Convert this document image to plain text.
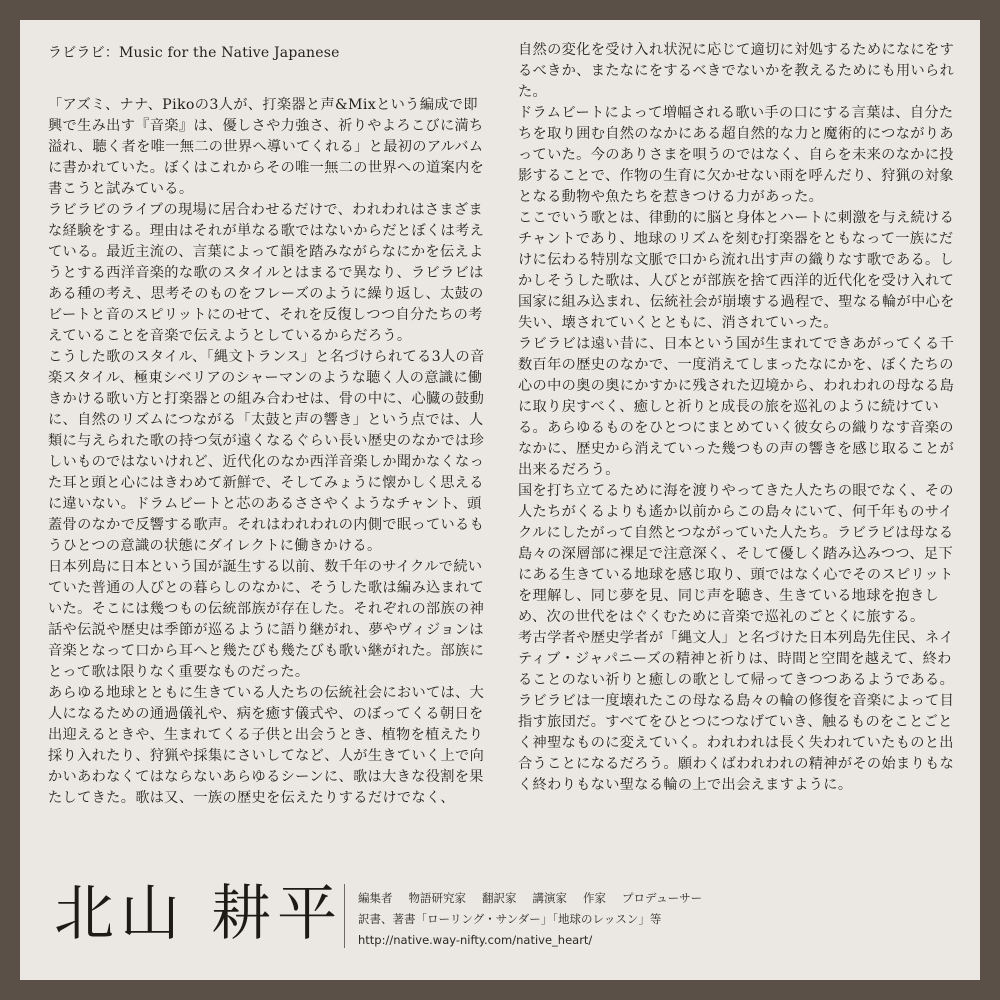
ラビラビ：Music for the Native Japanese

「アズミ、ナナ、Pikoの3人が、打楽器と声&Mixという編成で即興で生み出す『音楽』は、優しさや力強さ、祈りやよろこびに満ち溢れ、聴く者を唯一無二の世界へ導いてくれる」と最初のアルバムに書かれていた。ぼくはこれからその唯一無二の世界への道案内を書こうと試みている。

ラビラビのライブの現場に居合わせるだけで、われわれはさまざまな経験をする。理由はそれが単なる歌ではないからだとぼくは考えている。最近主流の、言葉によって韻を踏みながらなにかを伝えようとする西洋音楽的な歌のスタイルとはまるで異なり、ラビラビはある種の考え、思考そのものをフレーズのように繰り返し、太鼓のビートと音のスピリットにのせて、それを反復しつつ自分たちの考えていることを音楽で伝えようとしているからだろう。

こうした歌のスタイル、「縄文トランス」と名づけられてる3人の音楽スタイル、極東シベリアのシャーマンのような聴く人の意識に働きかける歌い方と打楽器との組み合わせは、骨の中に、心臓の鼓動に、自然のリズムにつながる「太鼓と声の響き」という点では、人類に与えられた歌の持つ気が遠くなるぐらい長い歴史のなかでは珍しいものではないけれど、近代化のなか西洋音楽しか聞かなくなった耳と頭と心にはきわめて新鮮で、そしてみょうに懐かしく思えるに違いない。ドラムビートと芯のあるささやくようなチャント、頭蓋骨のなかで反響する歌声。それはわれわれの内側で眠っているもうひとつの意識の状態にダイレクトに働きかける。

日本列島に日本という国が誕生する以前、数千年のサイクルで続いていた普通の人びとの暮らしのなかに、そうした歌は編み込まれていた。そこには幾つもの伝統部族が存在した。それぞれの部族の神話や伝説や歴史は季節が巡るように語り継がれ、夢やヴィジョンは音楽となって口から耳へと幾たびも幾たびも歌い継がれた。部族にとって歌は限りなく重要なものだった。

あらゆる地球とともに生きている人たちの伝統社会においては、大人になるための通過儀礼や、病を癒す儀式や、のぼってくる朝日を出迎えるときや、生まれてくる子供と出会うとき、植物を植えたり採り入れたり、狩猟や採集にさいしてなど、人が生きていく上で向かいあわなくてはならないあらゆるシーンに、歌は大きな役割を果たしてきた。歌は又、一族の歴史を伝えたりするだけでなく、

自然の変化を受け入れ状況に応じて適切に対処するためになにをするべきか、またなにをするべきでないかを教えるためにも用いられた。

ドラムビートによって増幅される歌い手の口にする言葉は、自分たちを取り囲む自然のなかにある超自然的な力と魔術的につながりあっていた。今のありさまを唄うのではなく、自らを未来のなかに投影することで、作物の生育に欠かせない雨を呼んだり、狩猟の対象となる動物や魚たちを惹きつける力があった。

ここでいう歌とは、律動的に脳と身体とハートに刺激を与え続けるチャントであり、地球のリズムを刻む打楽器をともなって一族にだけに伝わる特別な文脈で口から流れ出す声の織りなす歌である。しかしそうした歌は、人びとが部族を捨て西洋的近代化を受け入れて国家に組み込まれ、伝統社会が崩壊する過程で、聖なる輪が中心を失い、壊されていくとともに、消されていった。

ラビラビは遠い昔に、日本という国が生まれてできあがってくる千数百年の歴史のなかで、一度消えてしまったなにかを、ぼくたちの心の中の奥の奥にかすかに残された辺境から、われわれの母なる島に取り戻すべく、癒しと祈りと成長の旅を巡礼のように続けている。あらゆるものをひとつにまとめていく彼女らの織りなす音楽のなかに、歴史から消えていった幾つもの声の響きを感じ取ることが出来るだろう。

国を打ち立てるために海を渡りやってきた人たちの眼でなく、その人たちがくるよりも遙か以前からこの島々にいて、何千年ものサイクルにしたがって自然とつながっていた人たち。ラビラビは母なる島々の深層部に裸足で注意深く、そして優しく踏み込みつつ、足下にある生きている地球を感じ取り、頭ではなく心でそのスピリットを理解し、同じ夢を見、同じ声を聴き、生きている地球を抱きしめ、次の世代をはぐくむために音楽で巡礼のごとくに旅する。

考古学者や歴史学者が「縄文人」と名づけた日本列島先住民、ネイティブ・ジャパニーズの精神と祈りは、時間と空間を越えて、終わることのない祈りと癒しの歌として帰ってきつつあるようである。ラビラビは一度壊れたこの母なる島々の輪の修復を音楽によって目指す旅団だ。すべてをひとつにつなげていき、触るものをことごとく神聖なものに変えていく。われわれは長く失われていたものと出合うことになるだろう。願わくばわれわれの精神がその始まりもなく終わりもない聖なる輪の上で出会えますように。

北山 耕平 編集者 物語研究家 翻訳家 講演家 作家 プロデューサー
訳書、著書「ローリング・サンダー」「地球のレッスン」等
http://native.way-nifty.com/native_heart/
